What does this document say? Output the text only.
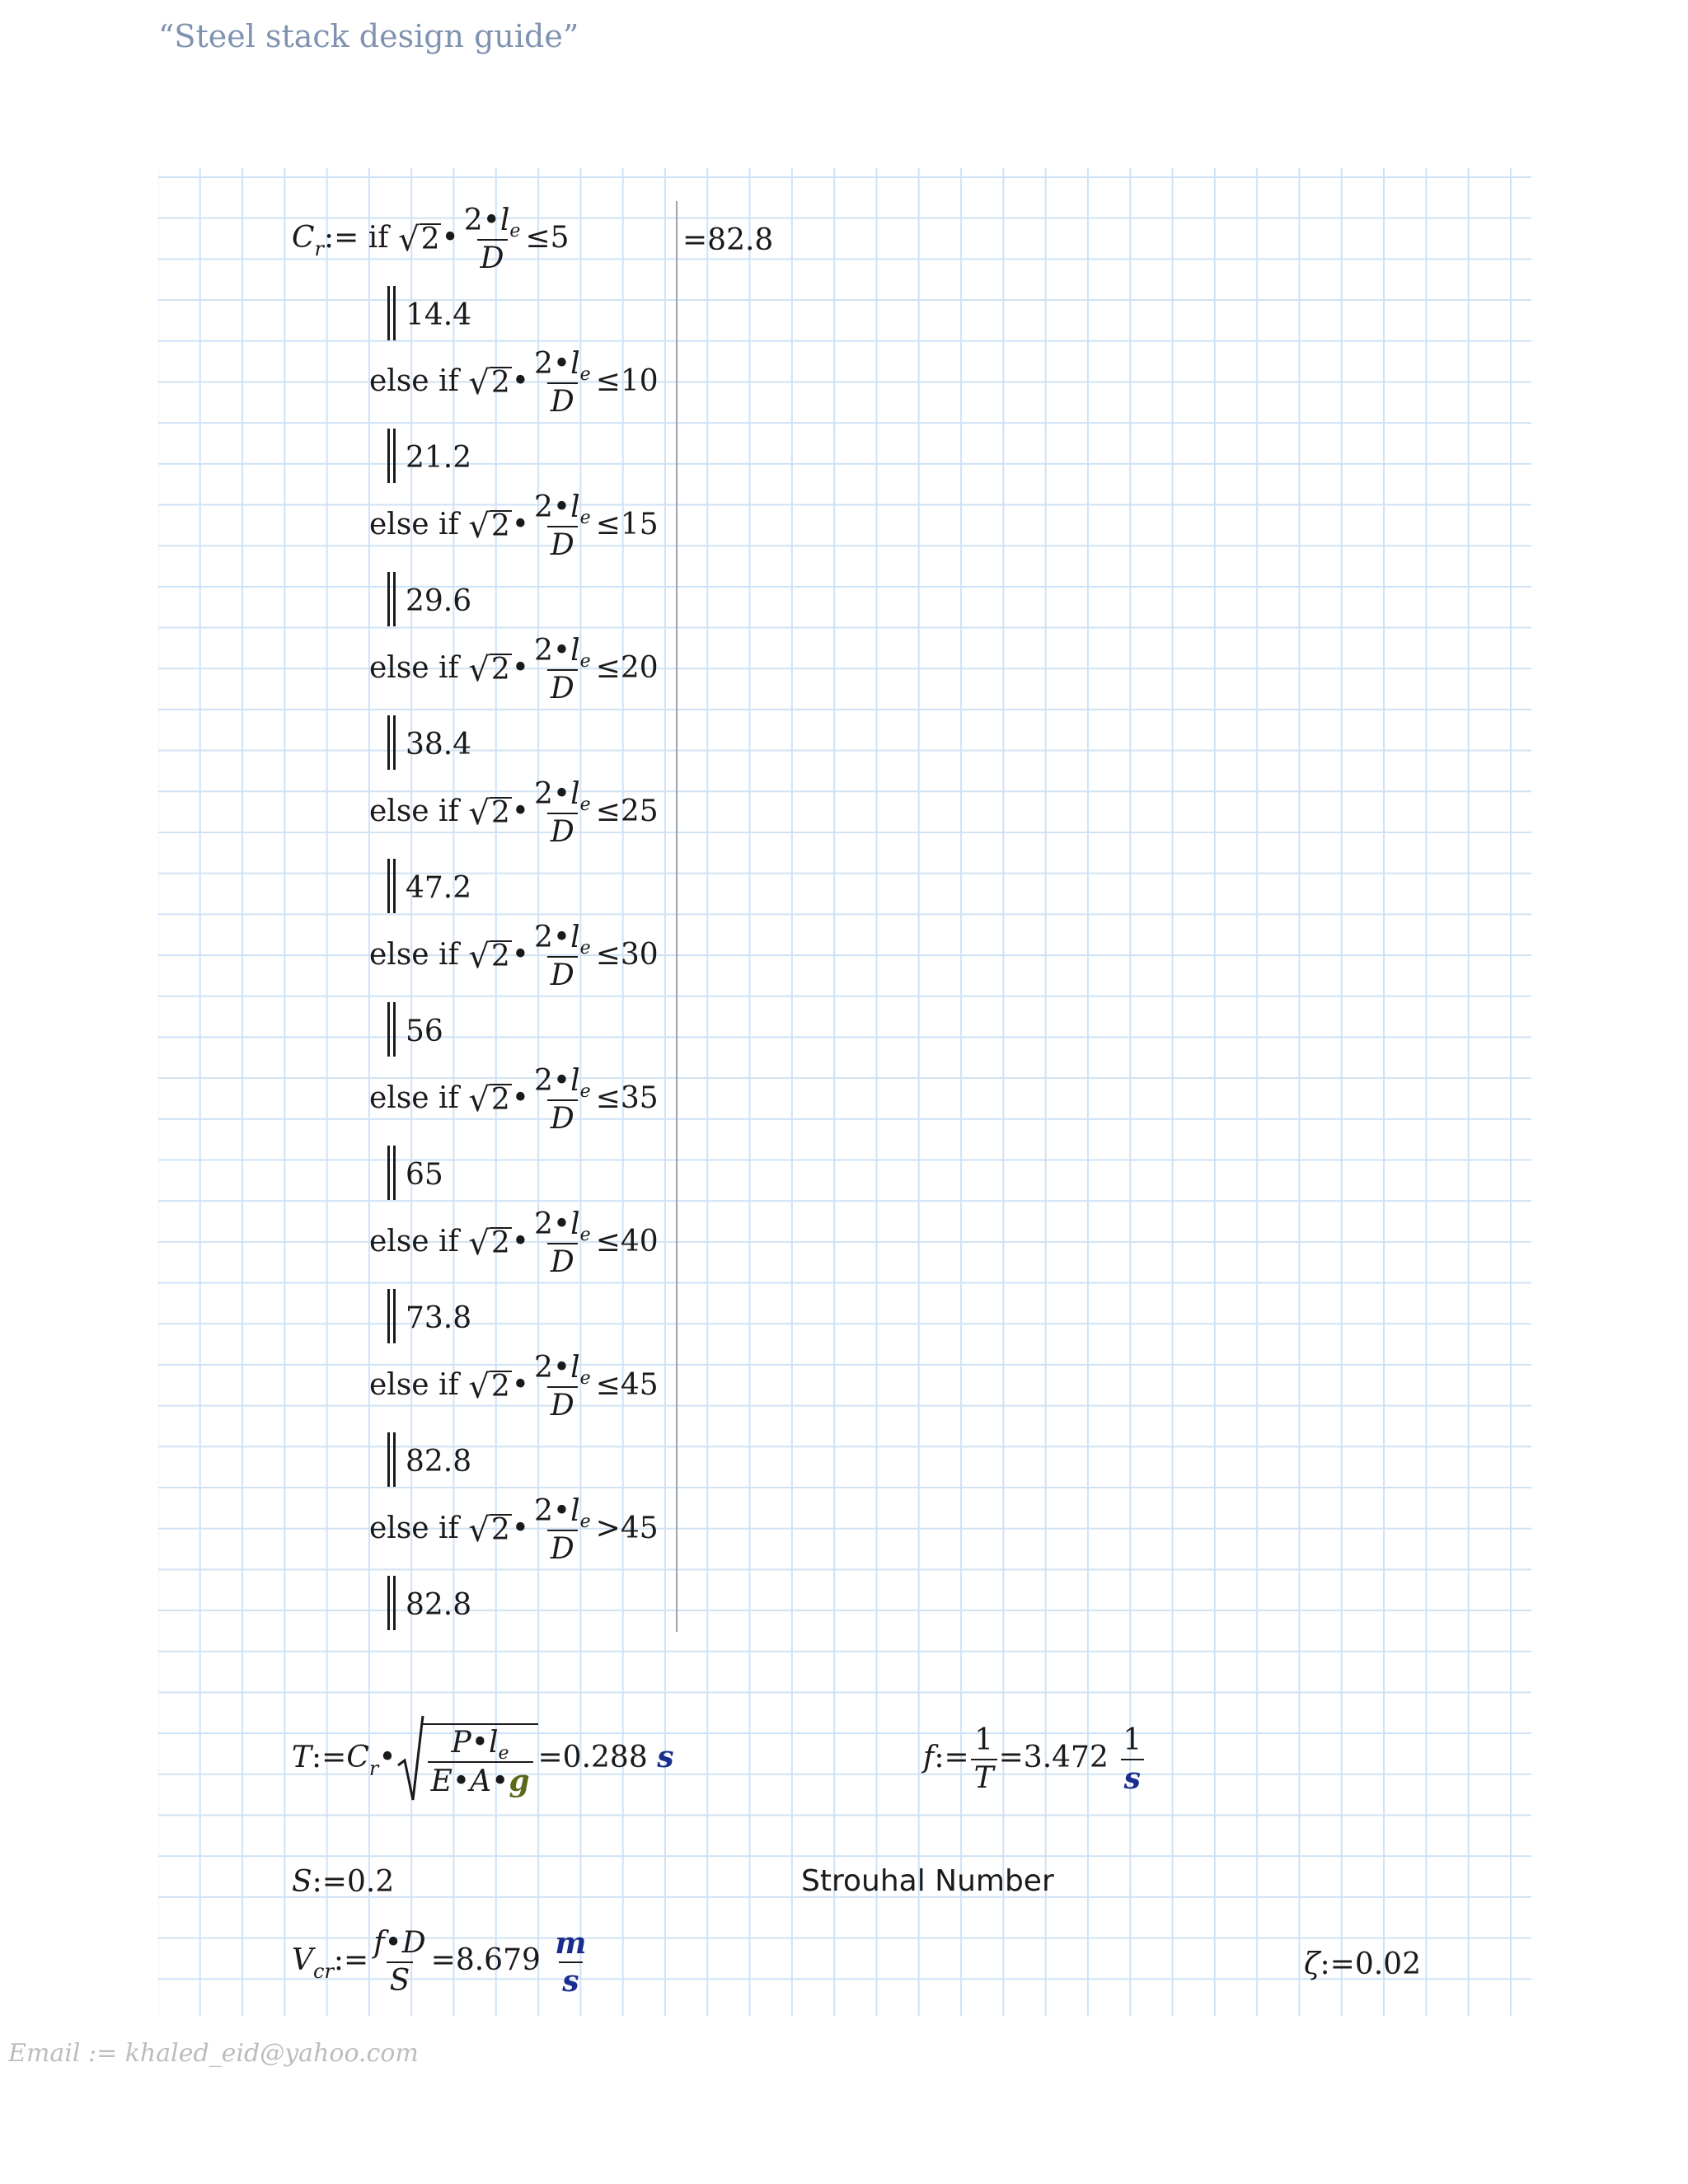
“Steel stack design guide”
$C_r:=$ if √ 2 • $\frac{2•l_e}{D} \le 5$	=82.8
14.4
else if √ 2 • $\frac{2•l_e}{D} \le 10$
21.2
else if √ 2 • $\frac{2•l_e}{D} \le 15$
29.6
else if √ 2 • $\frac{2•l_e}{D} \le 20$
38.4
else if √ 2 • $\frac{2•l_e}{D} \le 25$
47.2
else if √ 2 • $\frac{2•l_e}{D} \le 30$
56
else if √ 2 • $\frac{2•l_e}{D} \le 35$
65
else if √ 2 • $\frac{2•l_e}{D} \le 40$
73.8
else if √ 2 • $\frac{2•l_e}{D} \le 45$
82.8
else if √ 2 • $\frac{2•l_e}{D} >45$
82.8
$T:=C_r• \frac{P•l_e}{E•A•g} =0.288$ s	f:= $\frac{1}{T} =3.472 \frac{1}{s}$
S:=0.2	Strouhal Number
$V_{cr}:= \frac{f•D}{S} =8.679 \frac{m}{s}$	ζ:=0.02
Email := khaled_eid@yahoo.com
